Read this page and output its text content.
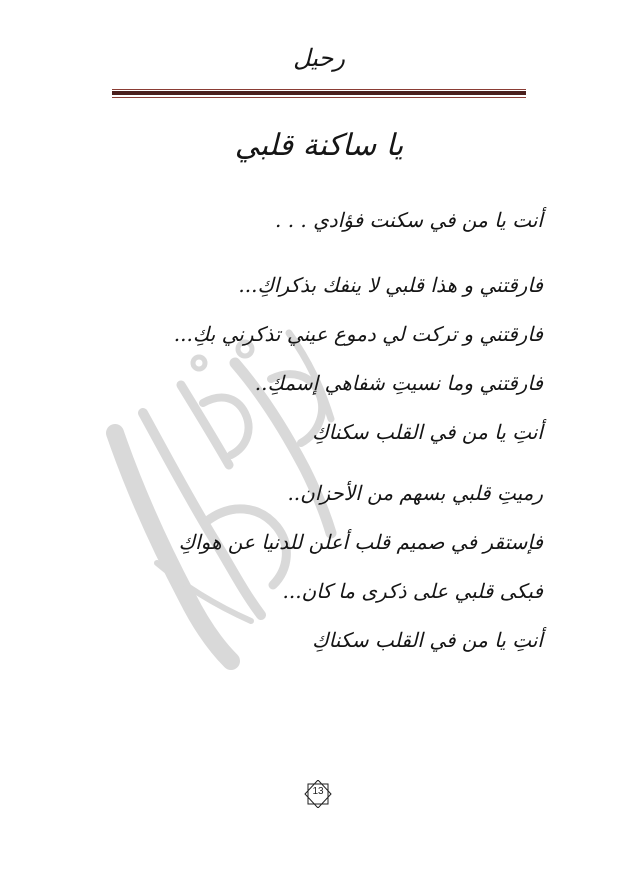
رحيل
يا ساكنة قلبي
أنت يا من في سكنت فؤادي . . .
فارقتني و هذا قلبي لا ينفك بذكراكِ...
فارقتني و تركت لي دموع عيني تذكرني بكِ...
فارقتني وما نسيتِ شفاهي إسمكِ..
أنتِ يا من في القلب سكناكِ
رميتِ قلبي بسهم من الأحزان..
فإستقر في صميم قلب أعلن للدنيا عن هواكِ
فبكى قلبي على ذكرى ما كان...
أنتِ يا من في القلب سكناكِ
13
